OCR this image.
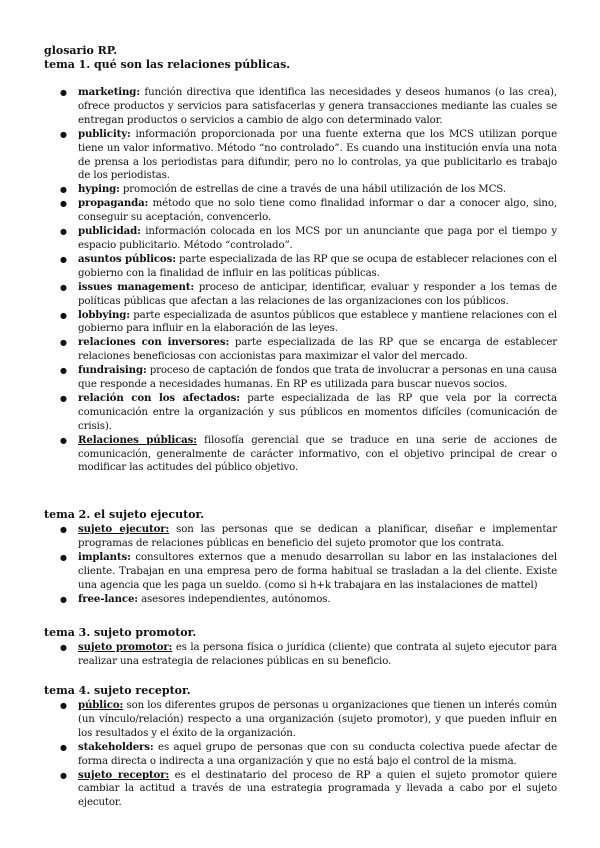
glosario RP.
tema 1. qué son las relaciones públicas.
● marketing: función directiva que identifica las necesidades y deseos humanos (o las crea), ofrece productos y servicios para satisfacerlas y genera transacciones mediante las cuales se entregan productos o servicios a cambio de algo con determinado valor.
● publicity: información proporcionada por una fuente externa que los MCS utilizan porque tiene un valor informativo. Método “no controlado”. Es cuando una institución envía una nota de prensa a los periodistas para difundir, pero no lo controlas, ya que publicitarlo es trabajo de los periodistas.
● hyping: promoción de estrellas de cine a través de una hábil utilización de los MCS.
● propaganda: método que no solo tiene como finalidad informar o dar a conocer algo, sino, conseguir su aceptación, convencerlo.
● publicidad: información colocada en los MCS por un anunciante que paga por el tiempo y espacio publicitario. Método “controlado”.
● asuntos públicos: parte especializada de las RP que se ocupa de establecer relaciones con el gobierno con la finalidad de influir en las políticas públicas.
● issues management: proceso de anticipar, identificar, evaluar y responder a los temas de políticas públicas que afectan a las relaciones de las organizaciones con los públicos.
● lobbying: parte especializada de asuntos públicos que establece y mantiene relaciones con el gobierno para influir en la elaboración de las leyes.
● relaciones con inversores: parte especializada de las RP que se encarga de establecer relaciones beneficiosas con accionistas para maximizar el valor del mercado.
● fundraising: proceso de captación de fondos que trata de involucrar a personas en una causa que responde a necesidades humanas. En RP es utilizada para buscar nuevos socios.
● relación con los afectados: parte especializada de las RP que vela por la correcta comunicación entre la organización y sus públicos en momentos difíciles (comunicación de crisis).
● Relaciones públicas: filosofía gerencial que se traduce en una serie de acciones de comunicación, generalmente de carácter informativo, con el objetivo principal de crear o modificar las actitudes del público objetivo.
tema 2. el sujeto ejecutor.
● sujeto ejecutor: son las personas que se dedican a planificar, diseñar e implementar programas de relaciones públicas en beneficio del sujeto promotor que los contrata.
● implants: consultores externos que a menudo desarrollan su labor en las instalaciones del cliente. Trabajan en una empresa pero de forma habitual se trasladan a la del cliente. Existe una agencia que les paga un sueldo. (como si h+k trabajara en las instalaciones de mattel)
● free-lance: asesores independientes, autónomos.
tema 3. sujeto promotor.
● sujeto promotor: es la persona física o jurídica (cliente) que contrata al sujeto ejecutor para realizar una estrategia de relaciones públicas en su beneficio.
tema 4. sujeto receptor.
● público: son los diferentes grupos de personas u organizaciones que tienen un interés común (un vínculo/relación) respecto a una organización (sujeto promotor), y que pueden influir en los resultados y el éxito de la organización.
● stakeholders: es aquel grupo de personas que con su conducta colectiva puede afectar de forma directa o indirecta a una organización y que no está bajo el control de la misma.
● sujeto receptor: es el destinatario del proceso de RP a quien el sujeto promotor quiere cambiar la actitud a través de una estrategia programada y llevada a cabo por el sujeto ejecutor.
